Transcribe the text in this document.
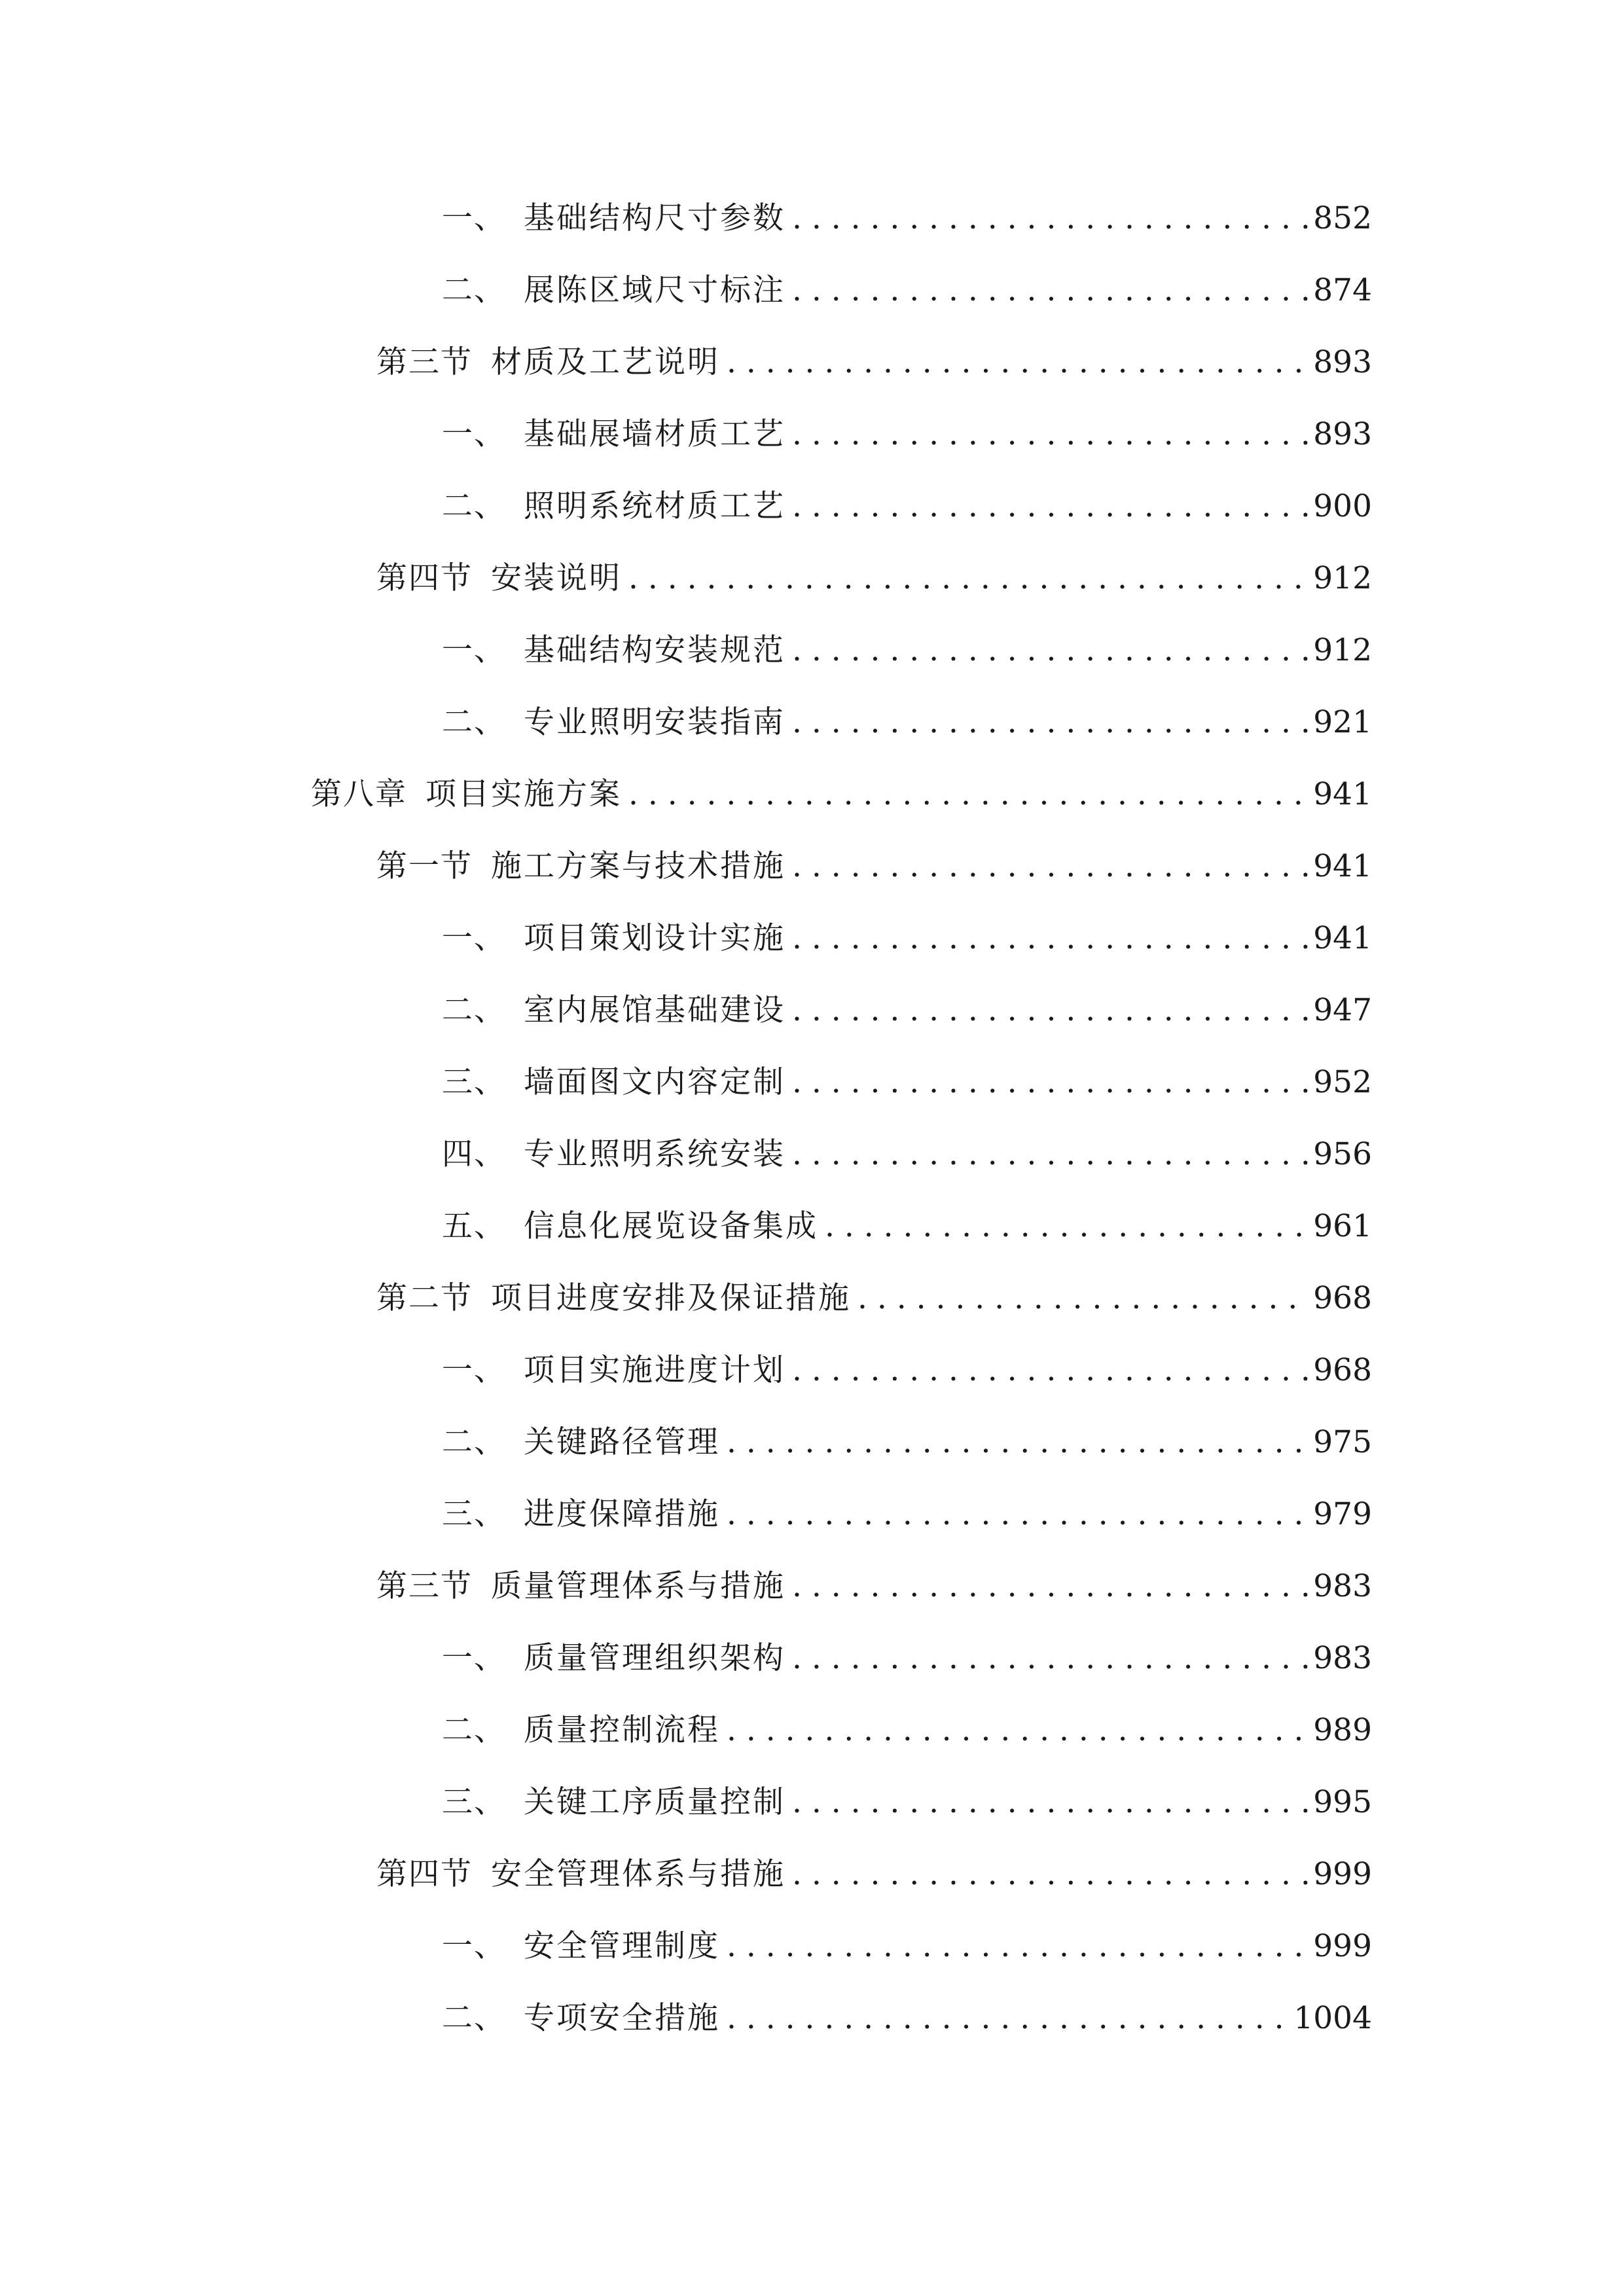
一、 基础结构尺寸参数 . . .	852
二、 展陈区域尺寸标注 . . .	874
第三节 材质及工艺说明 . . .	893
一、 基础展墙材质工艺 . . .	893
二、 照明系统材质工艺 . . .	900
第四节 安装说明 . . .	912
一、 基础结构安装规范 . . .	912
二、 专业照明安装指南 . . .	921
第八章 项目实施方案 . . .	941
第一节 施工方案与技术措施 . . .	941
一、 项目策划设计实施 . . .	941
二、 室内展馆基础建设 . . .	947
三、 墙面图文内容定制 . . .	952
四、 专业照明系统安装 . . .	956
五、 信息化展览设备集成 . . .	961
第二节 项目进度安排及保证措施 . . .	968
一、 项目实施进度计划 . . .	968
二、 关键路径管理 . . .	975
三、 进度保障措施 . . .	979
第三节 质量管理体系与措施 . . .	983
一、 质量管理组织架构 . . .	983
二、 质量控制流程 . . .	989
三、 关键工序质量控制 . . .	995
第四节 安全管理体系与措施 . . .	999
一、 安全管理制度 . . .	999
二、 专项安全措施 . . .	1004
